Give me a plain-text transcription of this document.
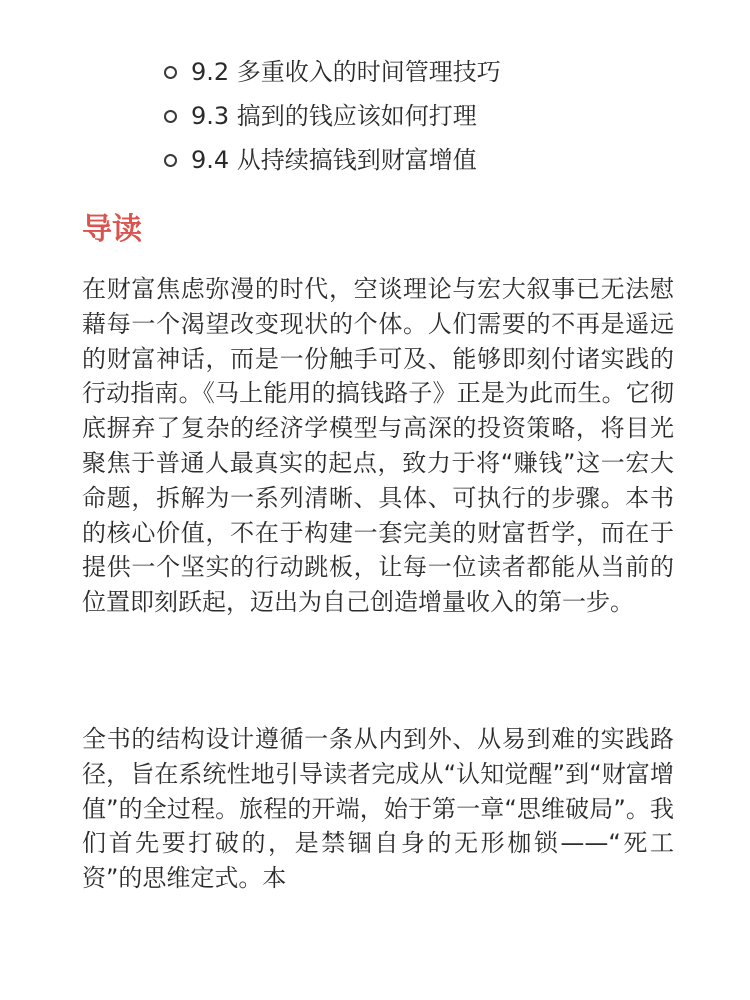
9.2 多重收入的时间管理技巧
9.3 搞到的钱应该如何打理
9.4 从持续搞钱到财富增值
导读

在财富焦虑弥漫的时代，空谈理论与宏大叙事已无法慰藉每一个渴望改变现状的个体。人们需要的不再是遥远的财富神话，而是一份触手可及、能够即刻付诸实践的行动指南。《马上能用的搞钱路子》正是为此而生。它彻底摒弃了复杂的经济学模型与高深的投资策略，将目光聚焦于普通人最真实的起点，致力于将“赚钱”这一宏大命题，拆解为一系列清晰、具体、可执行的步骤。本书的核心价值，不在于构建一套完美的财富哲学，而在于提供一个坚实的行动跳板，让每一位读者都能从当前的位置即刻跃起，迈出为自己创造增量收入的第一步。

全书的结构设计遵循一条从内到外、从易到难的实践路径，旨在系统性地引导读者完成从“认知觉醒”到“财富增值”的全过程。旅程的开端，始于第一章“思维破局”。我们首先要打破的，是禁锢自身的无形枷锁——“死工资”的思维定式。本
